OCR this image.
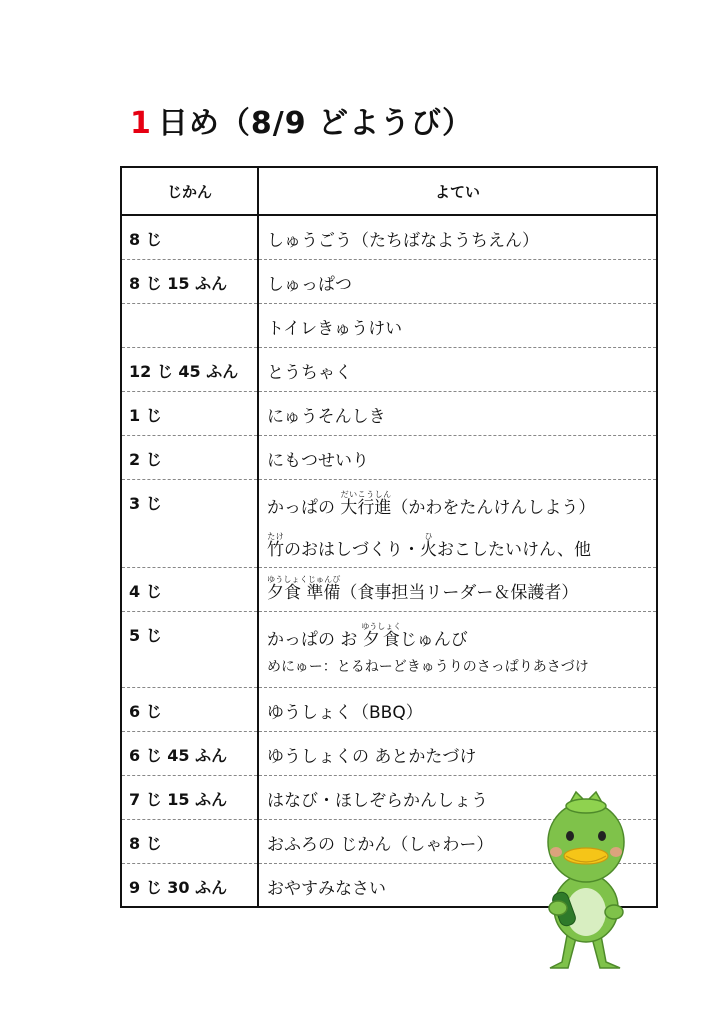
1 日め（8/9 どようび）
じかん	よてい
8 じ	しゅうごう（たちばなようちえん）
8 じ 15 ふん	しゅっぱつ
	トイレきゅうけい
12 じ 45 ふん	とうちゃく
1 じ	にゅうそんしき
2 じ	にもつせいり
3 じ	かっぱの 大行進だいこうしん（かわをたんけんしよう）
竹たけのおはしづくり・火ひおこしたいけん、他

4 じ	夕食 準備ゆうしょくじゅんび（食事担当リーダー＆保護者）
5 じ	かっぱの お 夕食ゆうしょくじゅんび
めにゅー：とるねーどきゅうりのさっぱりあさづけ

6 じ	ゆうしょく（BBQ）
6 じ 45 ふん	ゆうしょくの あとかたづけ
7 じ 15 ふん	はなび・ほしぞらかんしょう
8 じ	おふろの じかん（しゃわー）
9 じ 30 ふん	おやすみなさい
